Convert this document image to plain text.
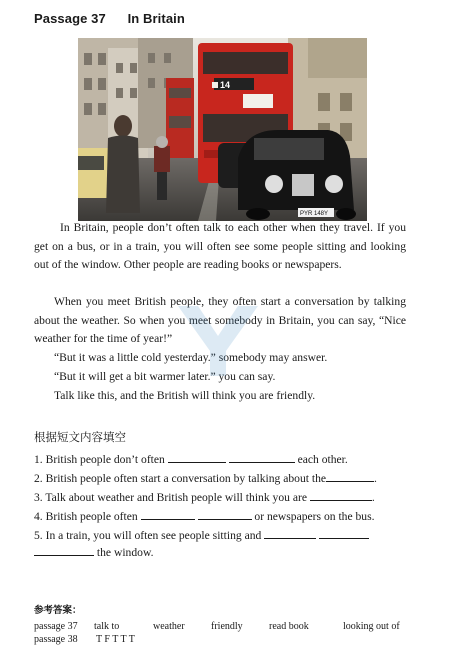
Passage 37 In Britain
14
PYR 148Y

In Britain, people don’t often talk to each other when they travel. If you get on a bus, or in a train, you will often see some people sitting and looking out of the window. Other people are reading books or newspapers.

When you meet British people, they often start a conversation by talking about the weather. So when you meet somebody in Britain, you can say, “Nice weather for the time of year!”

“But it was a little cold yesterday.” somebody may answer.

“But it will get a bit warmer later.” you can say.

Talk like this, and the British will think you are friendly.

根据短文内容填空

1. British people don’t often	each other.

2. British people often start a conversation by talking about the	.

3. Talk about weather and British people will think you are	.

4. British people often	or newspapers on the bus.

5. In a train, you will often see people sitting and

the window.

参考答案：
passage 37 talk to	weather	friendly	read book	looking out of
passage 38 T F T T T
